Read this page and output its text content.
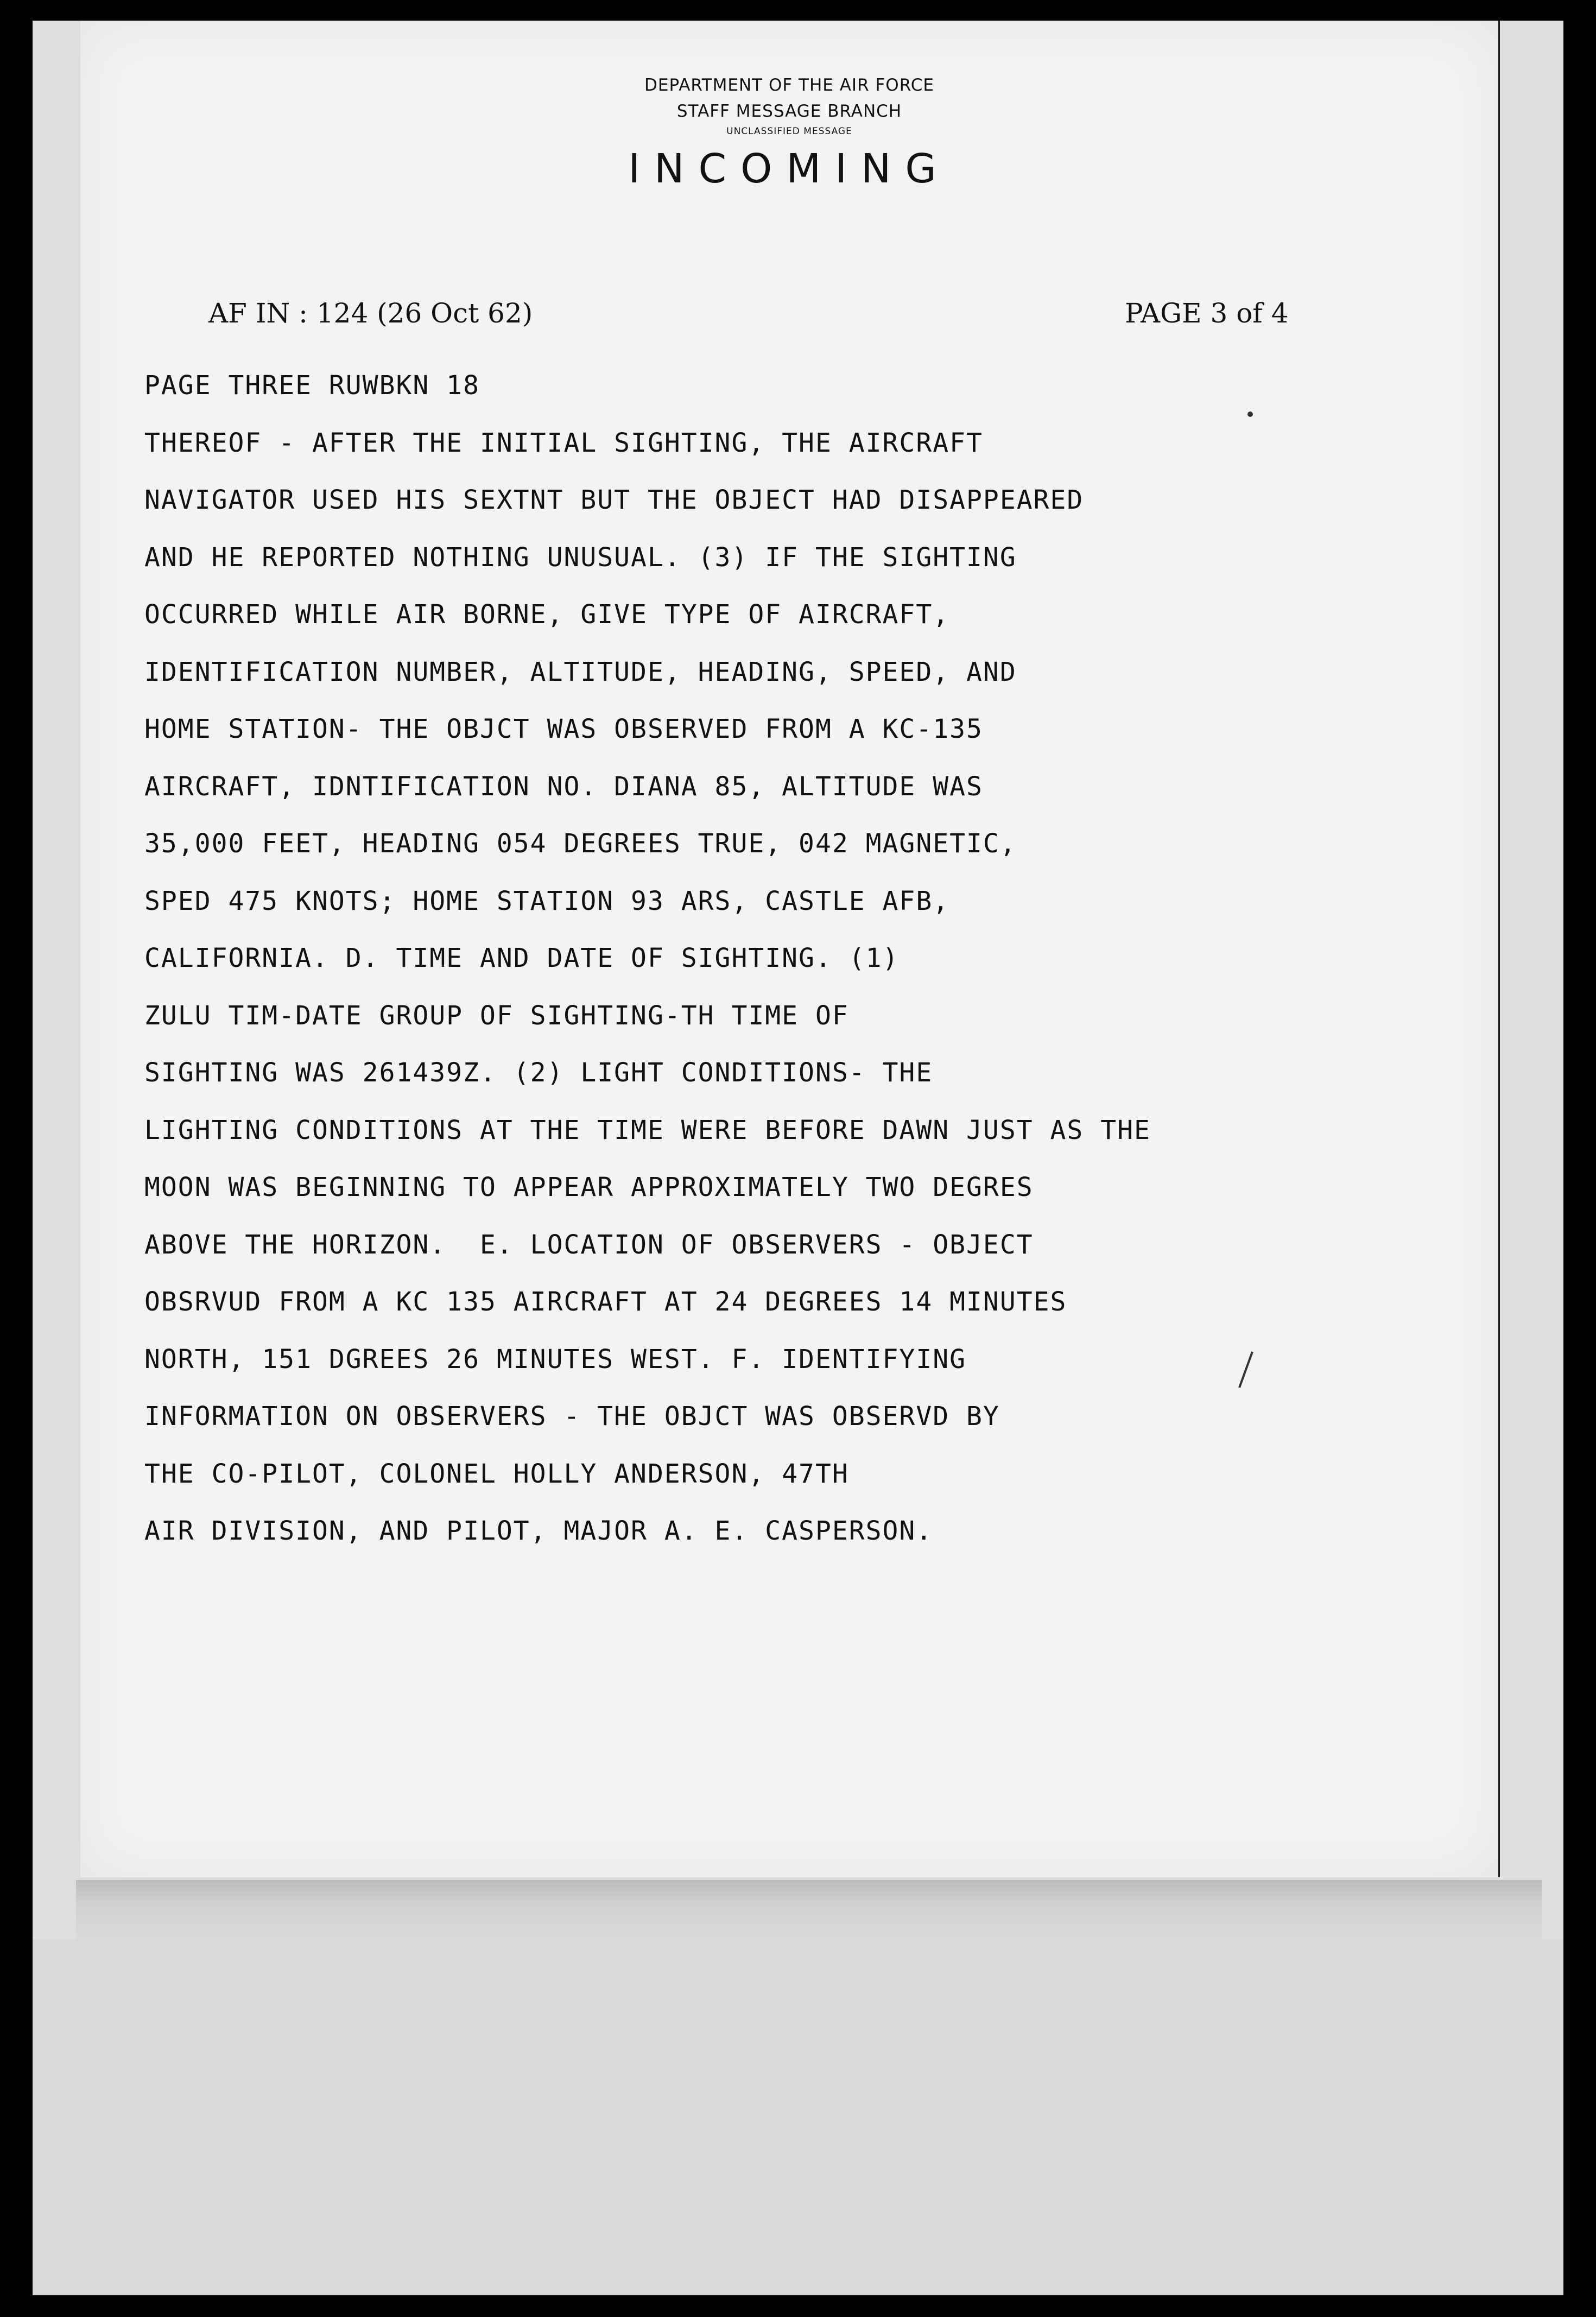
DEPARTMENT OF THE AIR FORCE
STAFF MESSAGE BRANCH
UNCLASSIFIED MESSAGE
INCOMING
AF IN : 124 (26 Oct 62)	PAGE 3 of 4
PAGE THREE RUWBKN 18
THEREOF - AFTER THE INITIAL SIGHTING, THE AIRCRAFT
NAVIGATOR USED HIS SEXTNT BUT THE OBJECT HAD DISAPPEARED
AND HE REPORTED NOTHING UNUSUAL. (3) IF THE SIGHTING
OCCURRED WHILE AIR BORNE, GIVE TYPE OF AIRCRAFT,
IDENTIFICATION NUMBER, ALTITUDE, HEADING, SPEED, AND
HOME STATION- THE OBJCT WAS OBSERVED FROM A KC-135
AIRCRAFT, IDNTIFICATION NO. DIANA 85, ALTITUDE WAS
35,000 FEET, HEADING 054 DEGREES TRUE, 042 MAGNETIC,
SPED 475 KNOTS; HOME STATION 93 ARS, CASTLE AFB,
CALIFORNIA. D. TIME AND DATE OF SIGHTING. (1)
ZULU TIM-DATE GROUP OF SIGHTING-TH TIME OF
SIGHTING WAS 261439Z. (2) LIGHT CONDITIONS- THE
LIGHTING CONDITIONS AT THE TIME WERE BEFORE DAWN JUST AS THE
MOON WAS BEGINNING TO APPEAR APPROXIMATELY TWO DEGRES
ABOVE THE HORIZON.  E. LOCATION OF OBSERVERS - OBJECT
OBSRVUD FROM A KC 135 AIRCRAFT AT 24 DEGREES 14 MINUTES
NORTH, 151 DGREES 26 MINUTES WEST. F. IDENTIFYING
INFORMATION ON OBSERVERS - THE OBJCT WAS OBSERVD BY
THE CO-PILOT, COLONEL HOLLY ANDERSON, 47TH
AIR DIVISION, AND PILOT, MAJOR A. E. CASPERSON.
